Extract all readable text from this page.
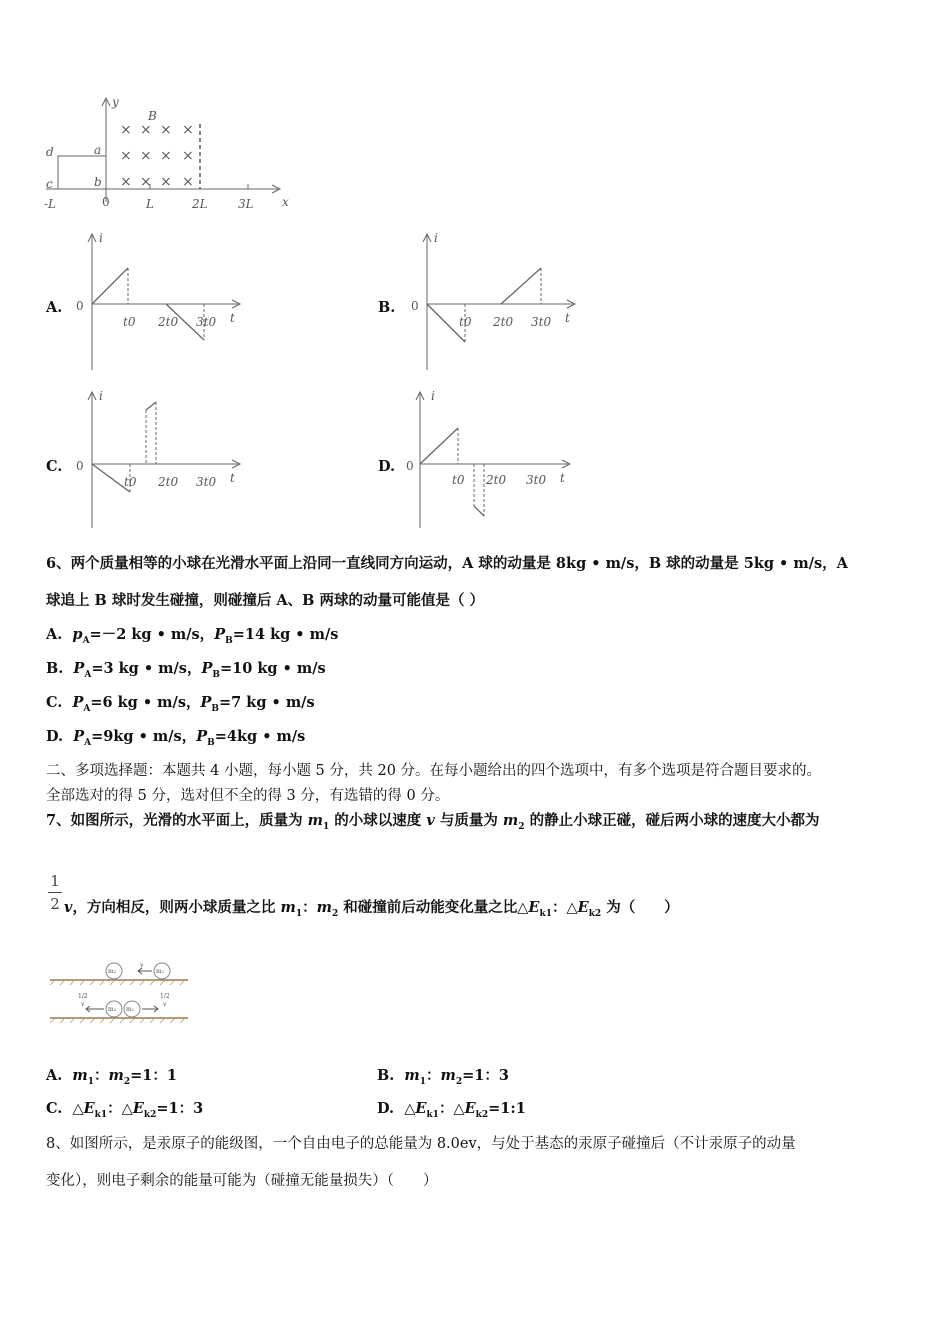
× × × ×
× × × ×
× × × ×
y
x
B
a
b
c
d
-L	0	L	2L	3L
A. 0
i
t
t0 2t0 3t0
B. 0
i
t
t0 2t0 3t0
C. 0
i
t
t0 2t0 3t0
D. 0
i
t
t0 2t0 3t0
6、两个质量相等的小球在光滑水平面上沿同一直线同方向运动，A 球的动量是 8kg • m/s，B 球的动量是 5kg • m/s，A
球追上 B 球时发生碰撞，则碰撞后 A、B 两球的动量可能值是（ ）
A. $p_A=-2$ kg • m/s，$P_B=14$ kg • m/s
B. $P_A=3$ kg • m/s，$P_B=10$ kg • m/s
C. $P_A=6$ kg • m/s，$P_B=7$ kg • m/s
D. $P_A=9kg$ • m/s，$P_B=4kg$ • m/s
二、多项选择题：本题共 4 小题，每小题 5 分，共 20 分。在每小题给出的四个选项中，有多个选项是符合题目要求的。
全部选对的得 5 分，选对但不全的得 3 分，有选错的得 0 分。
7、如图所示，光滑的水平面上，质量为 $m_1$ 的小球以速度 v 与质量为 $m_2$ 的静止小球正碰，碰后两小球的速度大小都为
1
2 v，方向相反，则两小球质量之比 $m_1$：$m_2$ 和碰撞前后动能变化量之比$\triangle E_{k1}$：$\triangle E_{k2}$ 为（　　）
m₂	m₁
m₂ m₁
v
1/2
v
1/2
v
A. $m_1$：$m_2=1$：1	B. $m_1$：$m_2=1$：3
C. $\triangle E_{k1}$：$\triangle E_{k2}=1$：3	D. $\triangle E_{k1}$：$\triangle E_{k2}=1:1$
8、如图所示，是汞原子的能级图，一个自由电子的总能量为 8.0ev，与处于基态的汞原子碰撞后（不计汞原子的动量
变化），则电子剩余的能量可能为（碰撞无能量损失）（　　）
